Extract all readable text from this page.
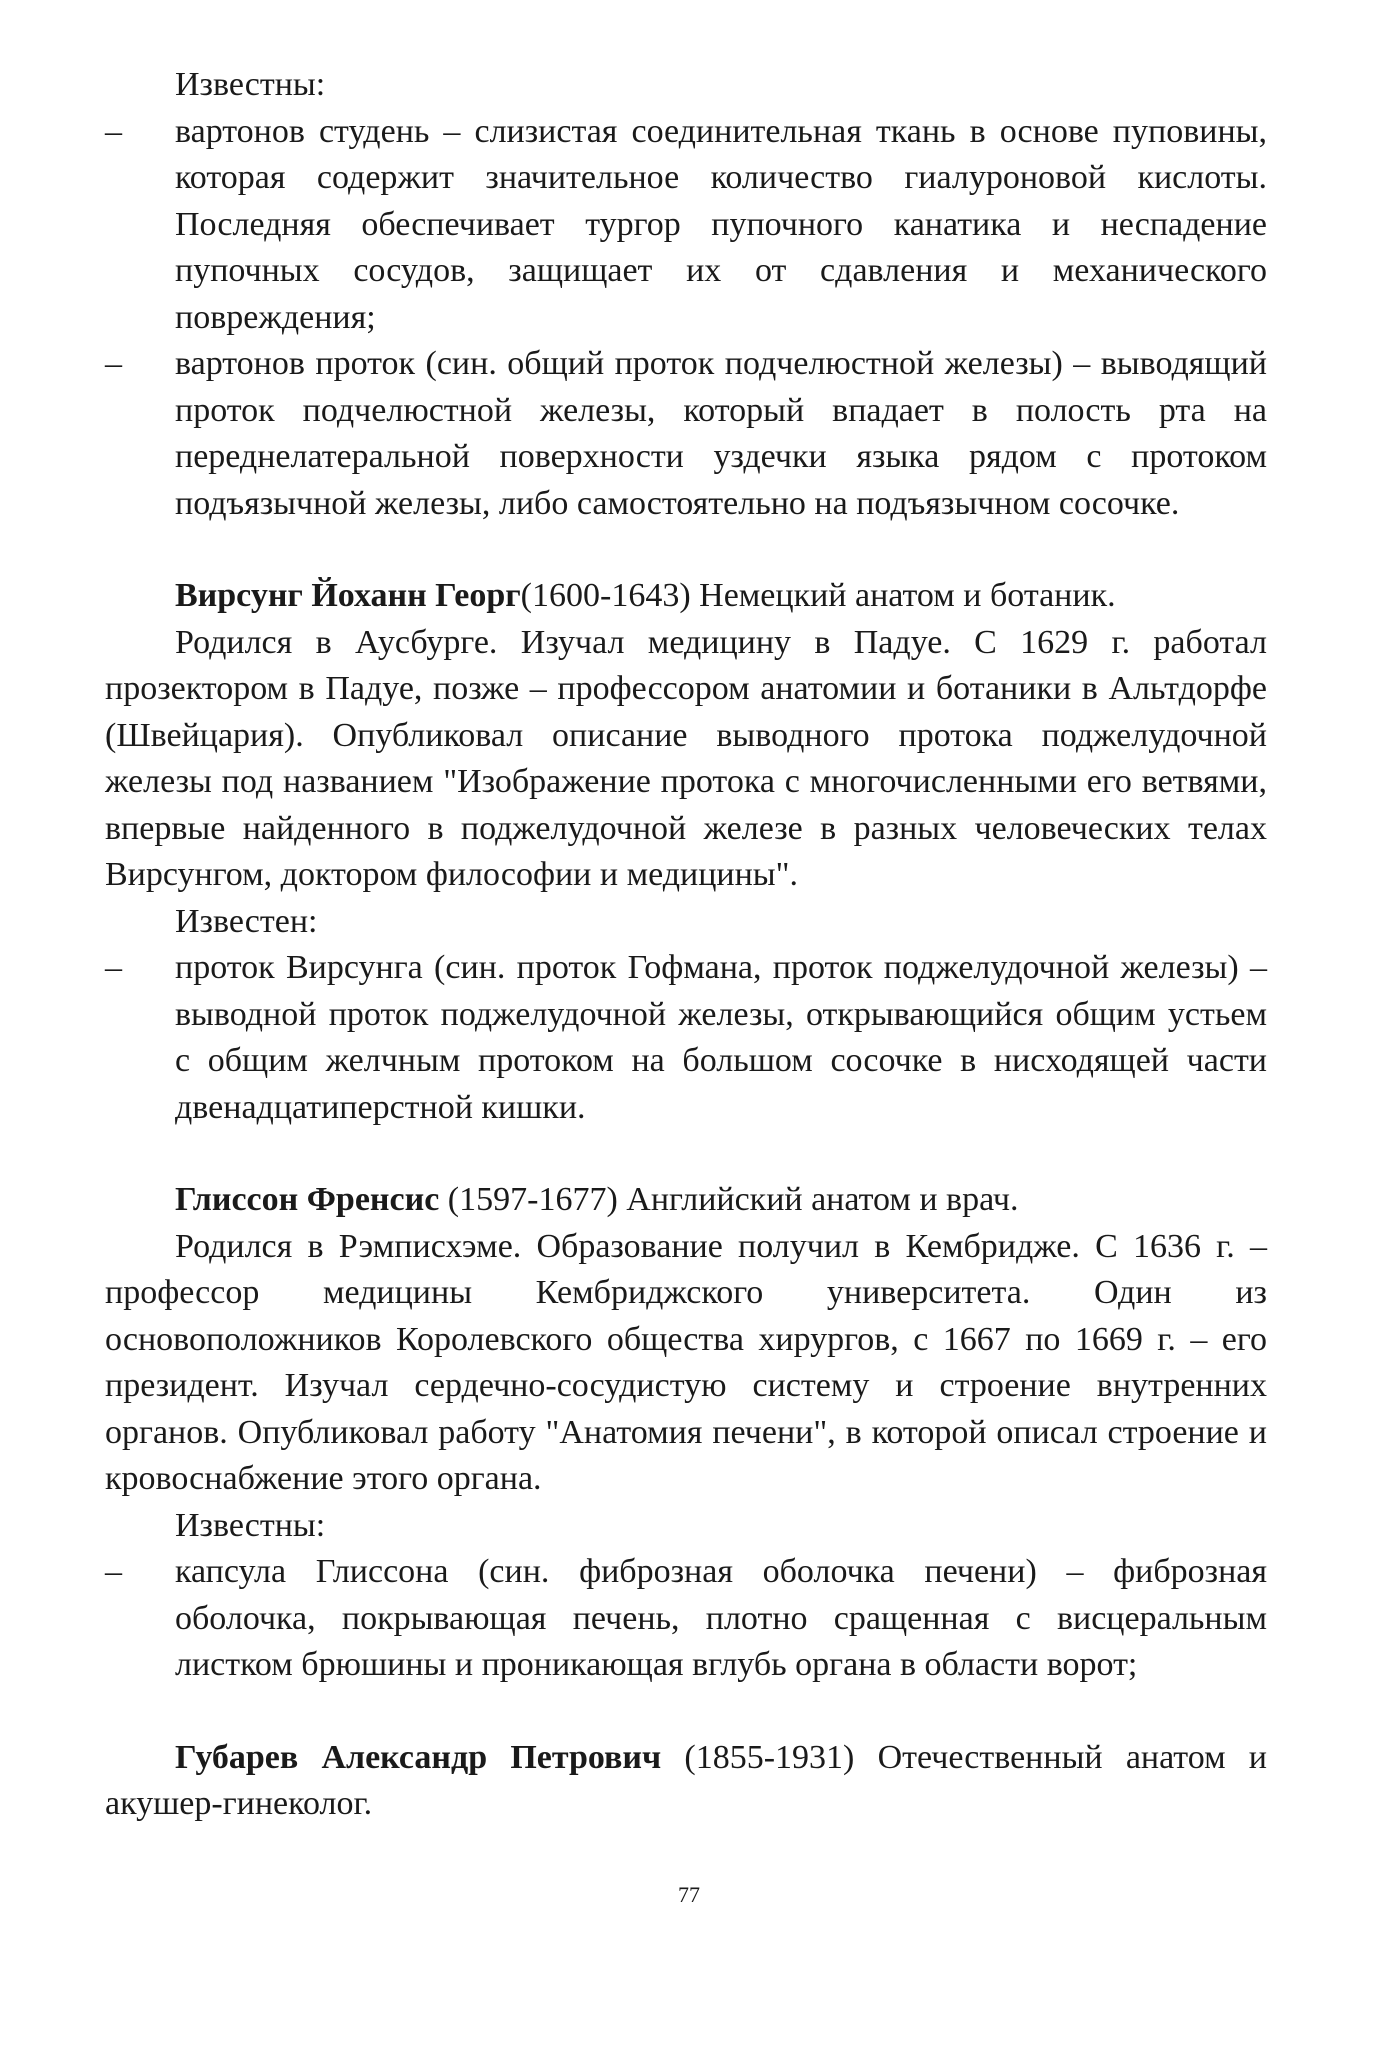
Известны:

– вартонов студень – слизистая соединительная ткань в основе пуповины, которая содержит значительное количество гиалуроновой кислоты. Последняя обеспечивает тургор пупочного канатика и неспадение пупочных сосудов, защищает их от сдавления и механического повреждения;

– вартонов проток (син. общий проток подчелюстной железы) – выводящий проток подчелюстной железы, который впадает в полость рта на переднелатеральной поверхности уздечки языка рядом с протоком подъязычной железы, либо самостоятельно на подъязычном сосочке.

Вирсунг Йоханн Георг(1600-1643) Немецкий анатом и ботаник.

Родился в Аусбурге. Изучал медицину в Падуе. С 1629 г. работал прозектором в Падуе, позже – профессором анатомии и ботаники в Альтдорфе (Швейцария). Опубликовал описание выводного протока поджелудочной железы под названием "Изображение протока с многочисленными его ветвями, впервые найденного в поджелудочной железе в разных человеческих телах Вирсунгом, доктором философии и медицины".

Известен:

– проток Вирсунга (син. проток Гофмана, проток поджелудочной железы) – выводной проток поджелудочной железы, открывающийся общим устьем с общим желчным протоком на большом сосочке в нисходящей части двенадцатиперстной кишки.

Глиссон Френсис (1597-1677) Английский анатом и врач.

Родился в Рэмписхэме. Образование получил в Кембридже. С 1636 г. – профессор медицины Кембриджского университета. Один из основоположников Королевского общества хирургов, с 1667 по 1669 г. – его президент. Изучал сердечно-сосудистую систему и строение внутренних органов. Опубликовал работу "Анатомия печени", в которой описал строение и кровоснабжение этого органа.

Известны:

– капсула Глиссона (син. фиброзная оболочка печени) – фиброзная оболочка, покрывающая печень, плотно сращенная с висцеральным листком брюшины и проникающая вглубь органа в области ворот;

Губарев Александр Петрович (1855-1931) Отечественный анатом и акушер-гинеколог.

77
